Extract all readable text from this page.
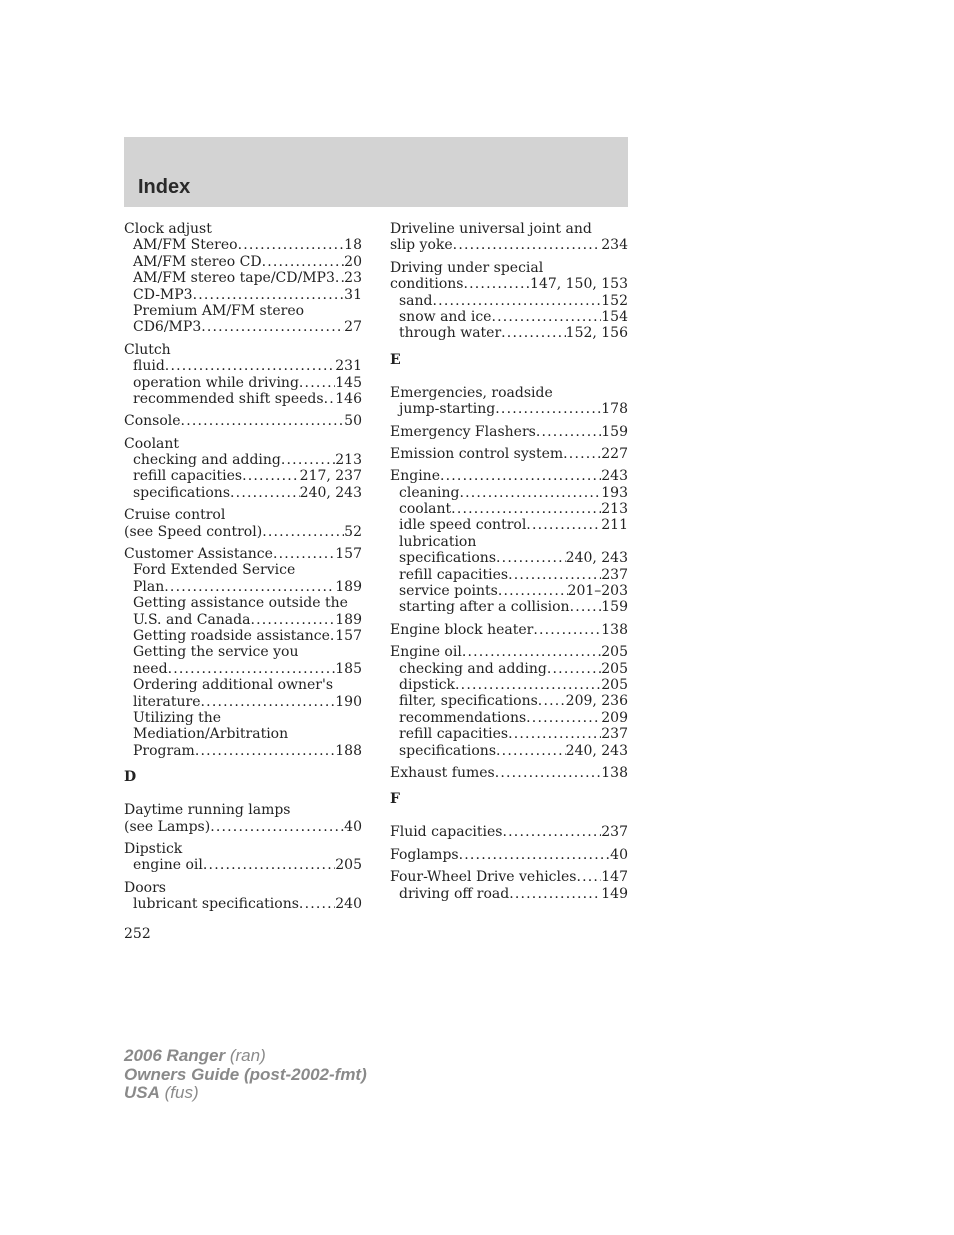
Index
Clock adjust
AM/FM Stereo .....	18
AM/FM stereo CD .....	20
AM/FM stereo tape/CD/MP3 ..... 23
CD-MP3 .....	31
Premium AM/FM stereo
CD6/MP3 .....	27
Clutch
fluid .....	231
operation while driving .....	145
recommended shift speeds ..... 146
Console .....	50
Coolant
checking and adding .....	213
refill capacities .....	217, 237
specifications .....	240, 243
Cruise control
(see Speed control) .....	52
Customer Assistance .....	157
Ford Extended Service
Plan .....	189
Getting assistance outside the
U.S. and Canada .....	189
Getting roadside assistance ..... 157
Getting the service you
need .....	185
Ordering additional owner's
literature .....	190
Utilizing the
Mediation/Arbitration
Program .....	188
D
Daytime running lamps
(see Lamps) .....	40
Dipstick
engine oil .....	205
Doors
lubricant specifications .....	240
Driveline universal joint and
slip yoke .....	234
Driving under special
conditions .....	147, 150, 153
sand .....	152
snow and ice .....	154
through water .....	152, 156
E
Emergencies, roadside
jump-starting .....	178
Emergency Flashers .....	159
Emission control system .....	227
Engine .....	243
cleaning .....	193
coolant .....	213
idle speed control .....	211
lubrication
specifications .....	240, 243
refill capacities .....	237
service points .....	201–203
starting after a collision ..... 159
Engine block heater .....	138
Engine oil .....	205
checking and adding .....	205
dipstick .....	205
filter, specifications ..... 209, 236
recommendations .....	209
refill capacities .....	237
specifications .....	240, 243
Exhaust fumes .....	138
F
Fluid capacities .....	237
Foglamps .....	40
Four-Wheel Drive vehicles ..... 147
driving off road .....	149
252
2006 Ranger (ran)
Owners Guide (post-2002-fmt)
USA (fus)
